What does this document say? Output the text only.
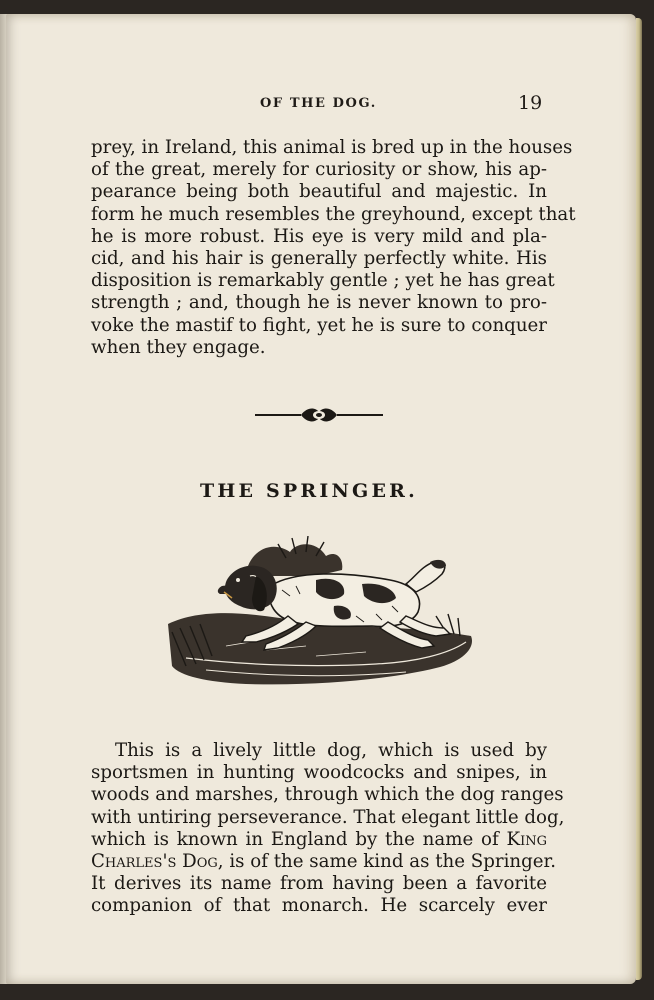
OF THE DOG.	19
prey, in Ireland, this animal is bred up in the houses
of the great, merely for curiosity or show, his ap-
pearance being both beautiful and majestic. In
form he much resembles the greyhound, except that
he is more robust. His eye is very mild and pla-
cid, and his hair is generally perfectly white. His
disposition is remarkably gentle ; yet he has great
strength ; and, though he is never known to pro-
voke the mastif to fight, yet he is sure to conquer
when they engage.
THE SPRINGER.
This is a lively little dog, which is used by
sportsmen in hunting woodcocks and snipes, in
woods and marshes, through which the dog ranges
with untiring perseverance. That elegant little dog,
which is known in England by the name of King
Charles's Dog, is of the same kind as the Springer.
It derives its name from having been a favorite
companion of that monarch. He scarcely ever
